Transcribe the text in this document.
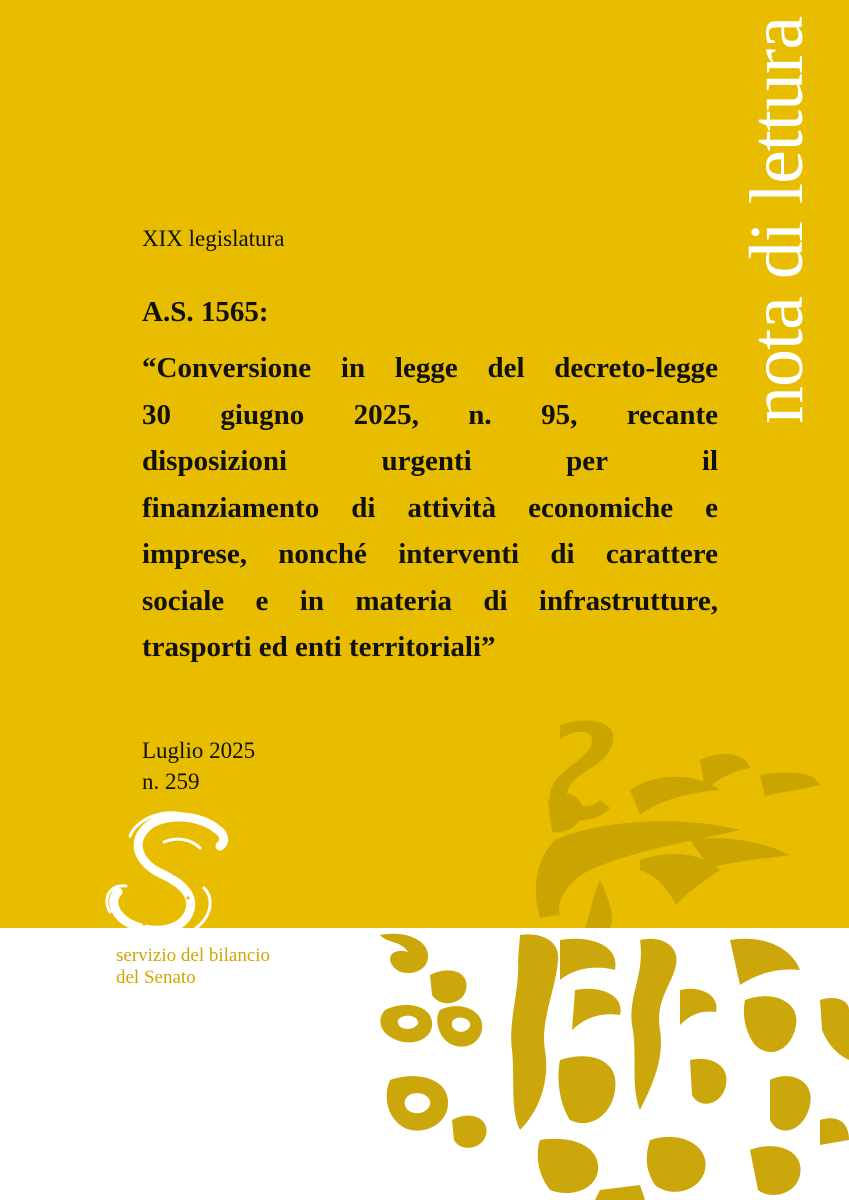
nota di lettura
XIX legislatura
A.S. 1565:
“Conversione in legge del decreto-legge
30 giugno 2025, n. 95, recante
disposizioni urgenti per il
finanziamento di attività economiche e
imprese, nonché interventi di carattere
sociale e in materia di infrastrutture,
trasporti ed enti territoriali”
Luglio 2025
n. 259
servizio del bilancio
del Senato
